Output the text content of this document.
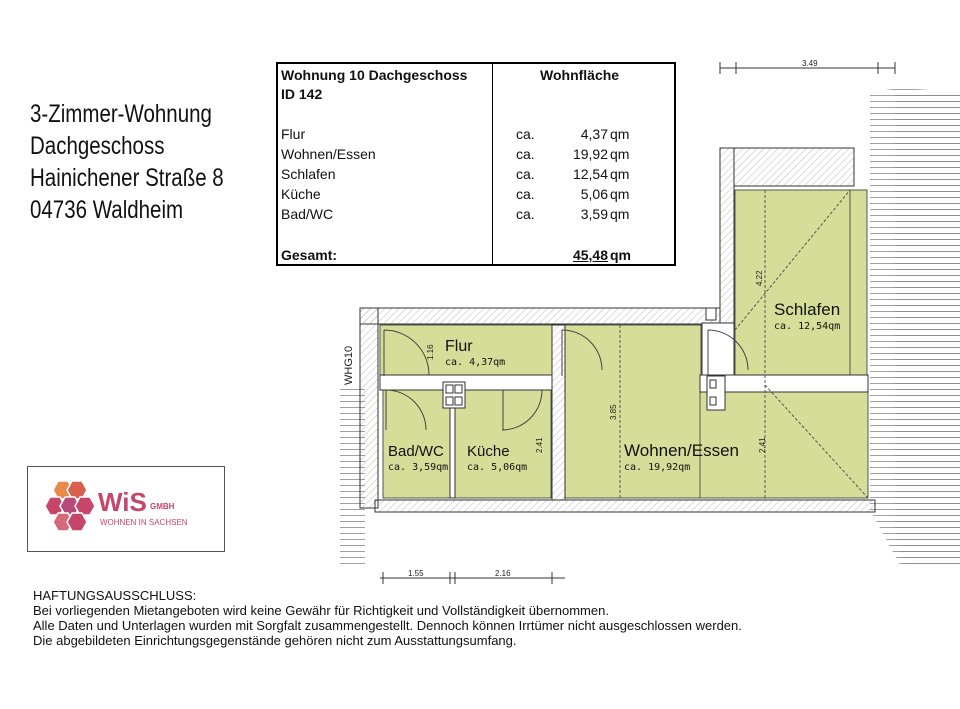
3-Zimmer-Wohnung
Dachgeschoss
Hainichener Straße 8
04736 Waldheim
3.49
1.55	2.16
4.22
1.16
3.85
2.41	2.41
WHG10	Flur
ca. 4,37qm
Bad/WC
ca. 3,59qm
Küche
ca. 5,06qm
Wohnen/Essen
ca. 19,92qm
Schlafen
ca. 12,54qm
Wohnung 10 Dachgeschoss
ID 142
Wohnfläche
Flur	ca.	4,37 qm
Wohnen/Essen	ca.	19,92 qm
Schlafen	ca.	12,54 qm
Küche	ca.	5,06 qm
Bad/WC	ca.	3,59 qm
Gesamt:	45,48 qm
WiS GMBH
WOHNEN IN SACHSEN
HAFTUNGSAUSSCHLUSS:
Bei vorliegenden Mietangeboten wird keine Gewähr für Richtigkeit und Vollständigkeit übernommen.
Alle Daten und Unterlagen wurden mit Sorgfalt zusammengestellt. Dennoch können Irrtümer nicht ausgeschlossen werden.
Die abgebildeten Einrichtungsgegenstände gehören nicht zum Ausstattungsumfang.
